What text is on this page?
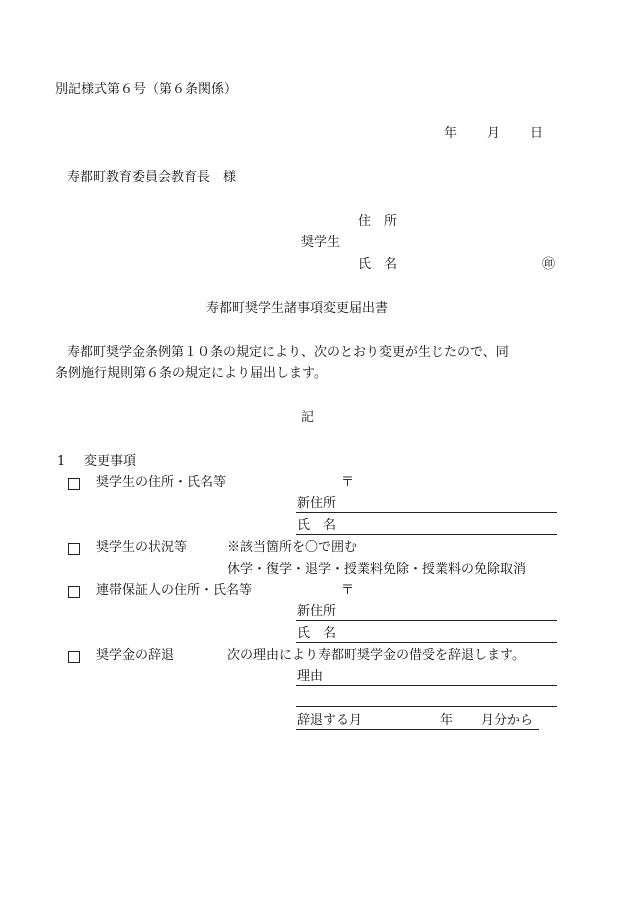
別記様式第６号（第６条関係）
年 月 日
寿都町教育委員会教育長　様
住　所
奨学生
氏　名	㊞
寿都町奨学生諸事項変更届出書
寿都町奨学金条例第１０条の規定により、次のとおり変更が生じたので、同
条例施行規則第６条の規定により届出します。
記
1 変更事項
奨学生の住所・氏名等	〒
新住所
氏　名
奨学生の状況等	※該当箇所を〇で囲む
休学・復学・退学・授業料免除・授業料の免除取消
連帯保証人の住所・氏名等	〒
新住所
氏　名
奨学金の辞退	次の理由により寿都町奨学金の借受を辞退します。
理由
辞退する月	年 月分から
